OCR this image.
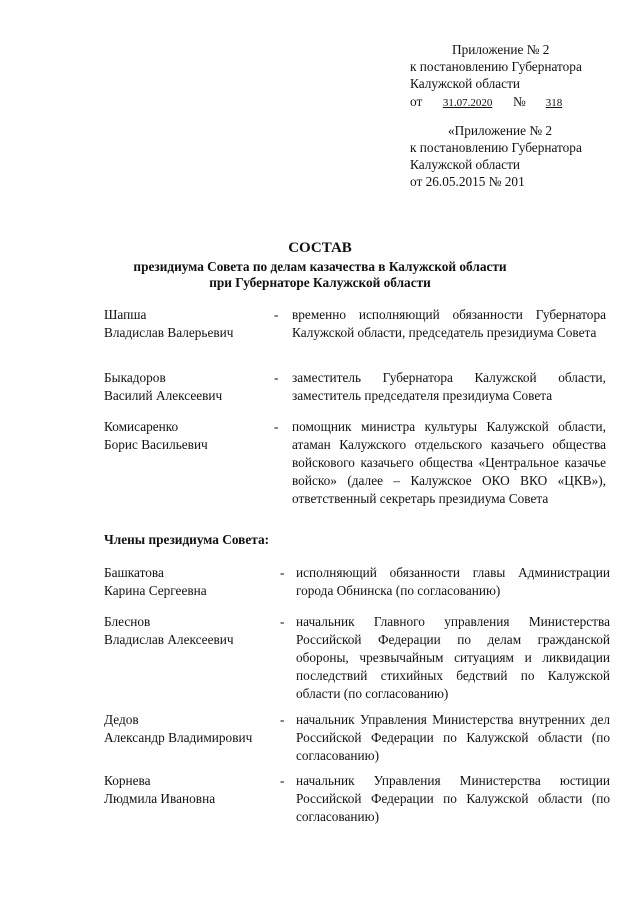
Приложение № 2
к постановлению Губернатора
Калужской области
от 31.07.2020 № 318
«Приложение № 2
к постановлению Губернатора
Калужской области
от 26.05.2015 № 201
СОСТАВ
президиума Совета по делам казачества в Калужской области
при Губернаторе Калужской области
Шапша
Владислав Валерьевич
- временно исполняющий обязанности Губернатора Калужской области, председатель президиума Совета
Быкадоров
Василий Алексеевич
- заместитель Губернатора Калужской области, заместитель председателя президиума Совета
Комисаренко
Борис Васильевич
- помощник министра культуры Калужской области, атаман Калужского отдельского казачьего общества войскового казачьего общества «Центральное казачье войско» (далее – Калужское ОКО ВКО «ЦКВ»), ответственный секретарь президиума Совета
Члены президиума Совета:
Башкатова
Карина Сергеевна
- исполняющий обязанности главы Администрации города Обнинска (по согласованию)
Блеснов
Владислав Алексеевич
- начальник Главного управления Министерства Российской Федерации по делам гражданской обороны, чрезвычайным ситуациям и ликвидации последствий стихийных бедствий по Калужской области (по согласованию)
Дедов
Александр Владимирович
- начальник Управления Министерства внутренних дел Российской Федерации по Калужской области (по согласованию)
Корнева
Людмила Ивановна
- начальник Управления Министерства юстиции Российской Федерации по Калужской области (по согласованию)
